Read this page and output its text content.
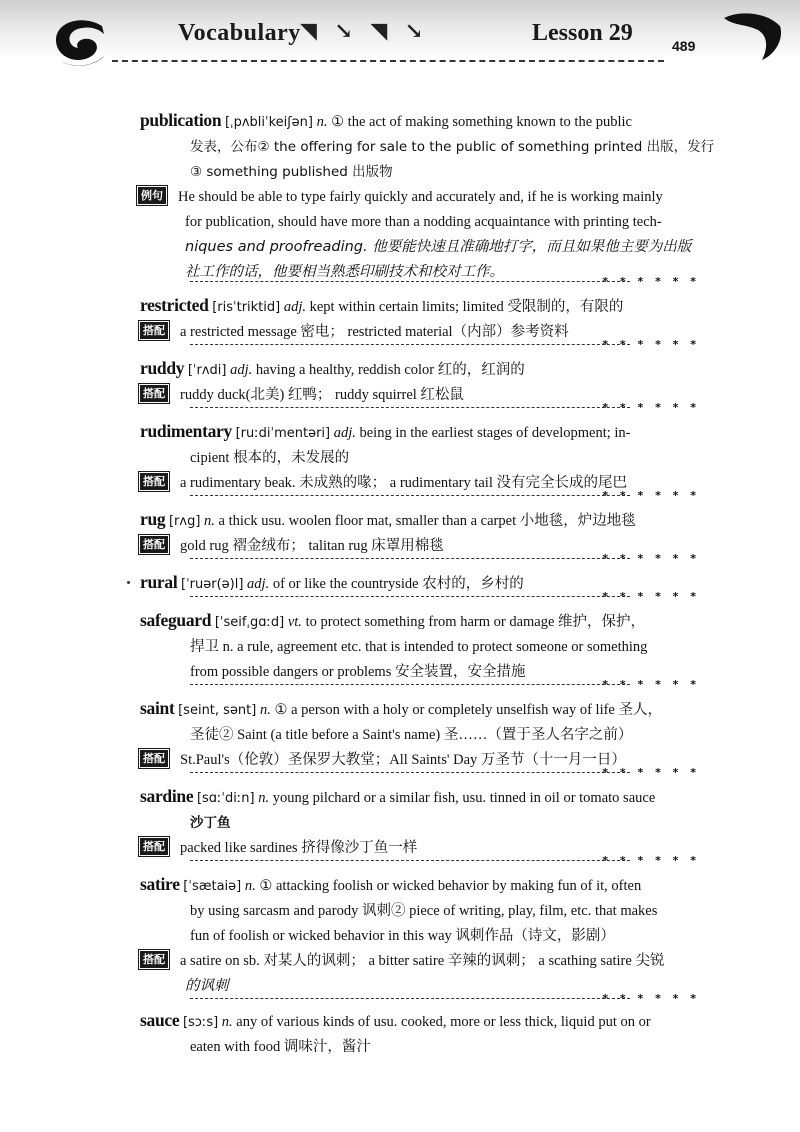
Vocabulary ◥ ↘ ◥ ↘	Lesson 29	489
publication [ˌpʌbliˈkeiʃən] n. ① the act of making something known to the public
发表，公布② the offering for sale to the public of something printed 出版，发行
③ something published 出版物
例句 He should be able to type fairly quickly and accurately and, if he is working mainly
for publication, should have more than a nodding acquaintance with printing tech-
niques and proofreading. 他要能快速且准确地打字，而且如果他主要为出版
社工作的话，他要相当熟悉印刷技术和校对工作。
* * * * * *
restricted [risˈtriktid] adj. kept within certain limits; limited 受限制的，有限的
搭配 a restricted message 密电； restricted material（内部）参考资料
* * * * * *
ruddy [ˈrʌdi] adj. having a healthy, reddish color 红的，红润的
搭配 ruddy duck(北美) 红鸭； ruddy squirrel 红松鼠
* * * * * *
rudimentary [ruːdiˈmentəri] adj. being in the earliest stages of development; in-
cipient 根本的，未发展的
搭配 a rudimentary beak. 未成熟的喙； a rudimentary tail 没有完全长成的尾巴
* * * * * *
rug [rʌg] n. a thick usu. woolen floor mat, smaller than a carpet 小地毯，炉边地毯
搭配 gold rug 褶金绒布； talitan rug 床罩用棉毯
* * * * * *
rural [ˈruər(ə)l] adj. of or like the countryside 农村的，乡村的
* * * * * *
safeguard [ˈseifˌgɑːd] vt. to protect something from harm or damage 维护，保护，
捍卫 n. a rule, agreement etc. that is intended to protect someone or something
from possible dangers or problems 安全装置，安全措施
* * * * * *
saint [seint, sənt] n. ① a person with a holy or completely unselfish way of life 圣人，
圣徒② Saint (a title before a Saint's name) 圣……（置于圣人名字之前）
搭配 St.Paul's（伦敦）圣保罗大教堂；All Saints' Day 万圣节（十一月一日）
* * * * * *
sardine [sɑːˈdiːn] n. young pilchard or a similar fish, usu. tinned in oil or tomato sauce
沙丁鱼
搭配 packed like sardines 挤得像沙丁鱼一样
* * * * * *
satire [ˈsætaiə] n. ① attacking foolish or wicked behavior by making fun of it, often
by using sarcasm and parody 讽刺② piece of writing, play, film, etc. that makes
fun of foolish or wicked behavior in this way 讽刺作品（诗文，影剧）
搭配 a satire on sb. 对某人的讽刺； a bitter satire 辛辣的讽刺； a scathing satire 尖锐
的讽刺
* * * * * *
sauce [sɔːs] n. any of various kinds of usu. cooked, more or less thick, liquid put on or
eaten with food 调味汁，酱汁
